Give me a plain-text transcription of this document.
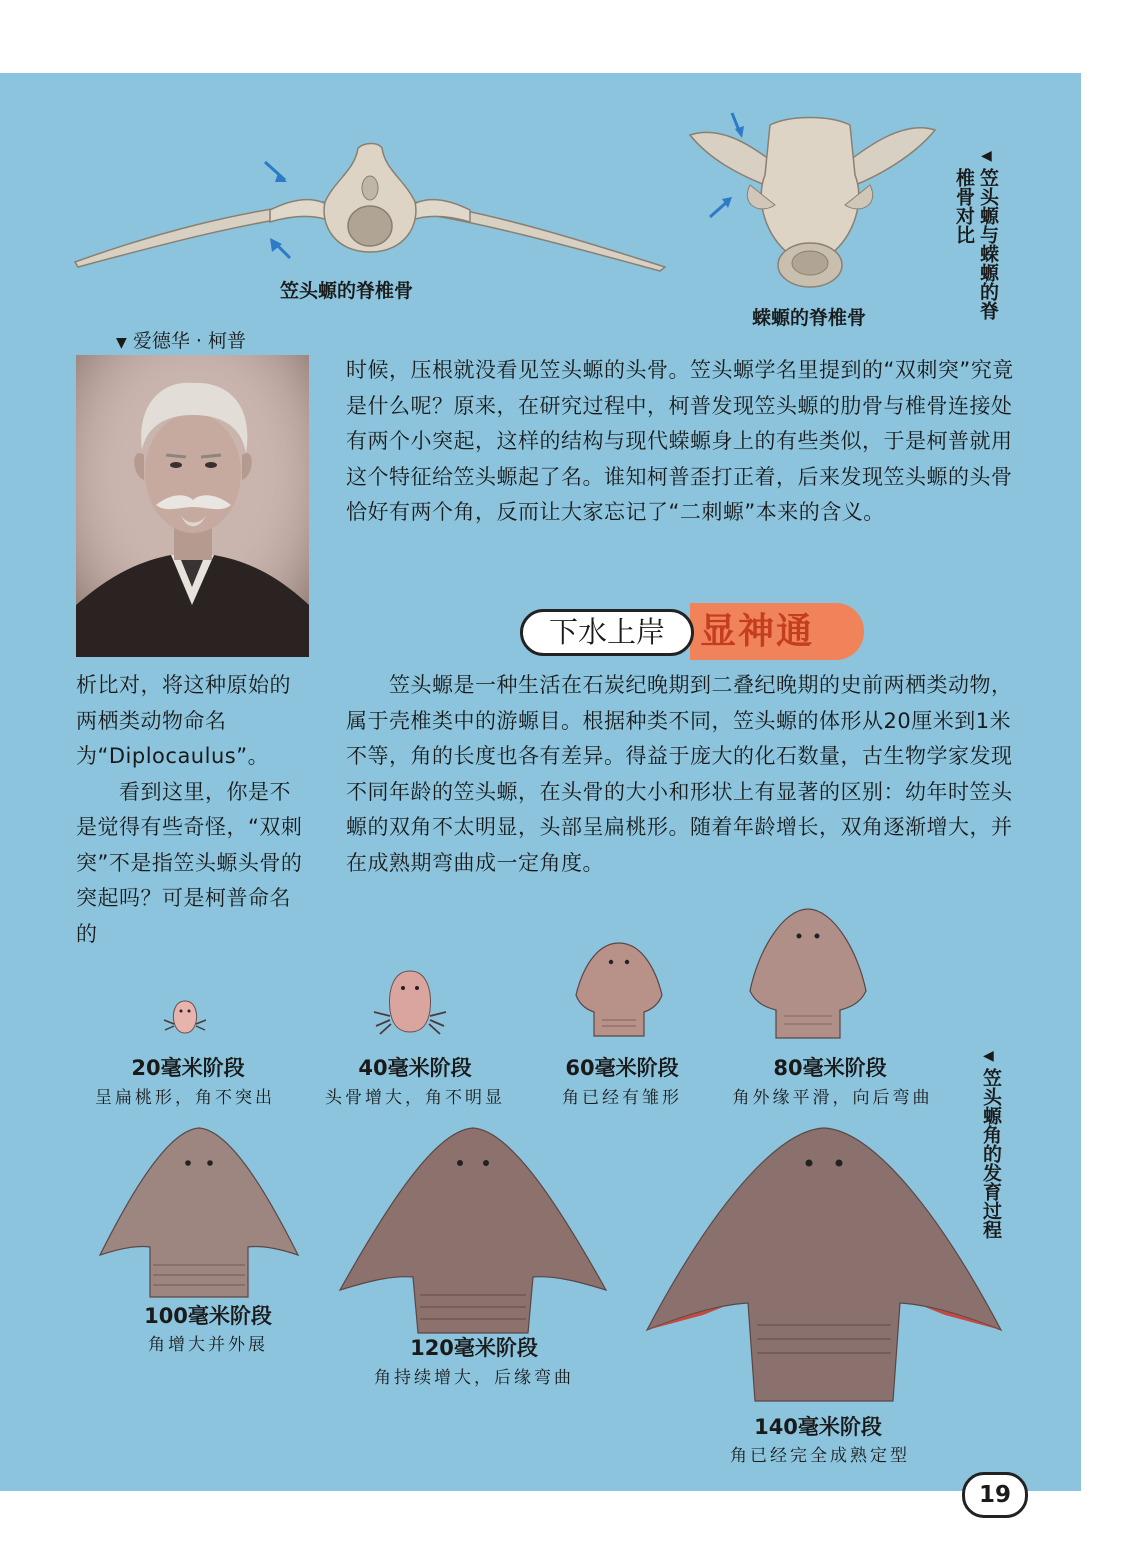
笠头螈的脊椎骨
蝾螈的脊椎骨
◀
笠头螈与蝾螈的脊椎骨对比
▼ 爱德华 · 柯普

时候，压根就没看见笠头螈的头骨。笠头螈学名里提到的“双刺突”究竟是什么呢？原来，在研究过程中，柯普发现笠头螈的肋骨与椎骨连接处有两个小突起，这样的结构与现代蝾螈身上的有些类似，于是柯普就用这个特征给笠头螈起了名。谁知柯普歪打正着，后来发现笠头螈的头骨恰好有两个角，反而让大家忘记了“二刺螈”本来的含义。

下水上岸 显神通

析比对，将这种原始的两栖类动物命名为“Diplocaulus”。

　　看到这里，你是不是觉得有些奇怪，“双刺突”不是指笠头螈头骨的突起吗？可是柯普命名的

　　笠头螈是一种生活在石炭纪晚期到二叠纪晚期的史前两栖类动物，属于壳椎类中的游螈目。根据种类不同，笠头螈的体形从20厘米到1米不等，角的长度也各有差异。得益于庞大的化石数量，古生物学家发现不同年龄的笠头螈，在头骨的大小和形状上有显著的区别：幼年时笠头螈的双角不太明显，头部呈扁桃形。随着年龄增长，双角逐渐增大，并在成熟期弯曲成一定角度。

20毫米阶段
呈扁桃形，角不突出
40毫米阶段
头骨增大，角不明显
60毫米阶段
角已经有雏形
80毫米阶段
角外缘平滑，向后弯曲
100毫米阶段
角增大并外展	120毫米阶段
角持续增大，后缘弯曲
140毫米阶段
角已经完全成熟定型
◀
笠头螈角的发育过程
19
